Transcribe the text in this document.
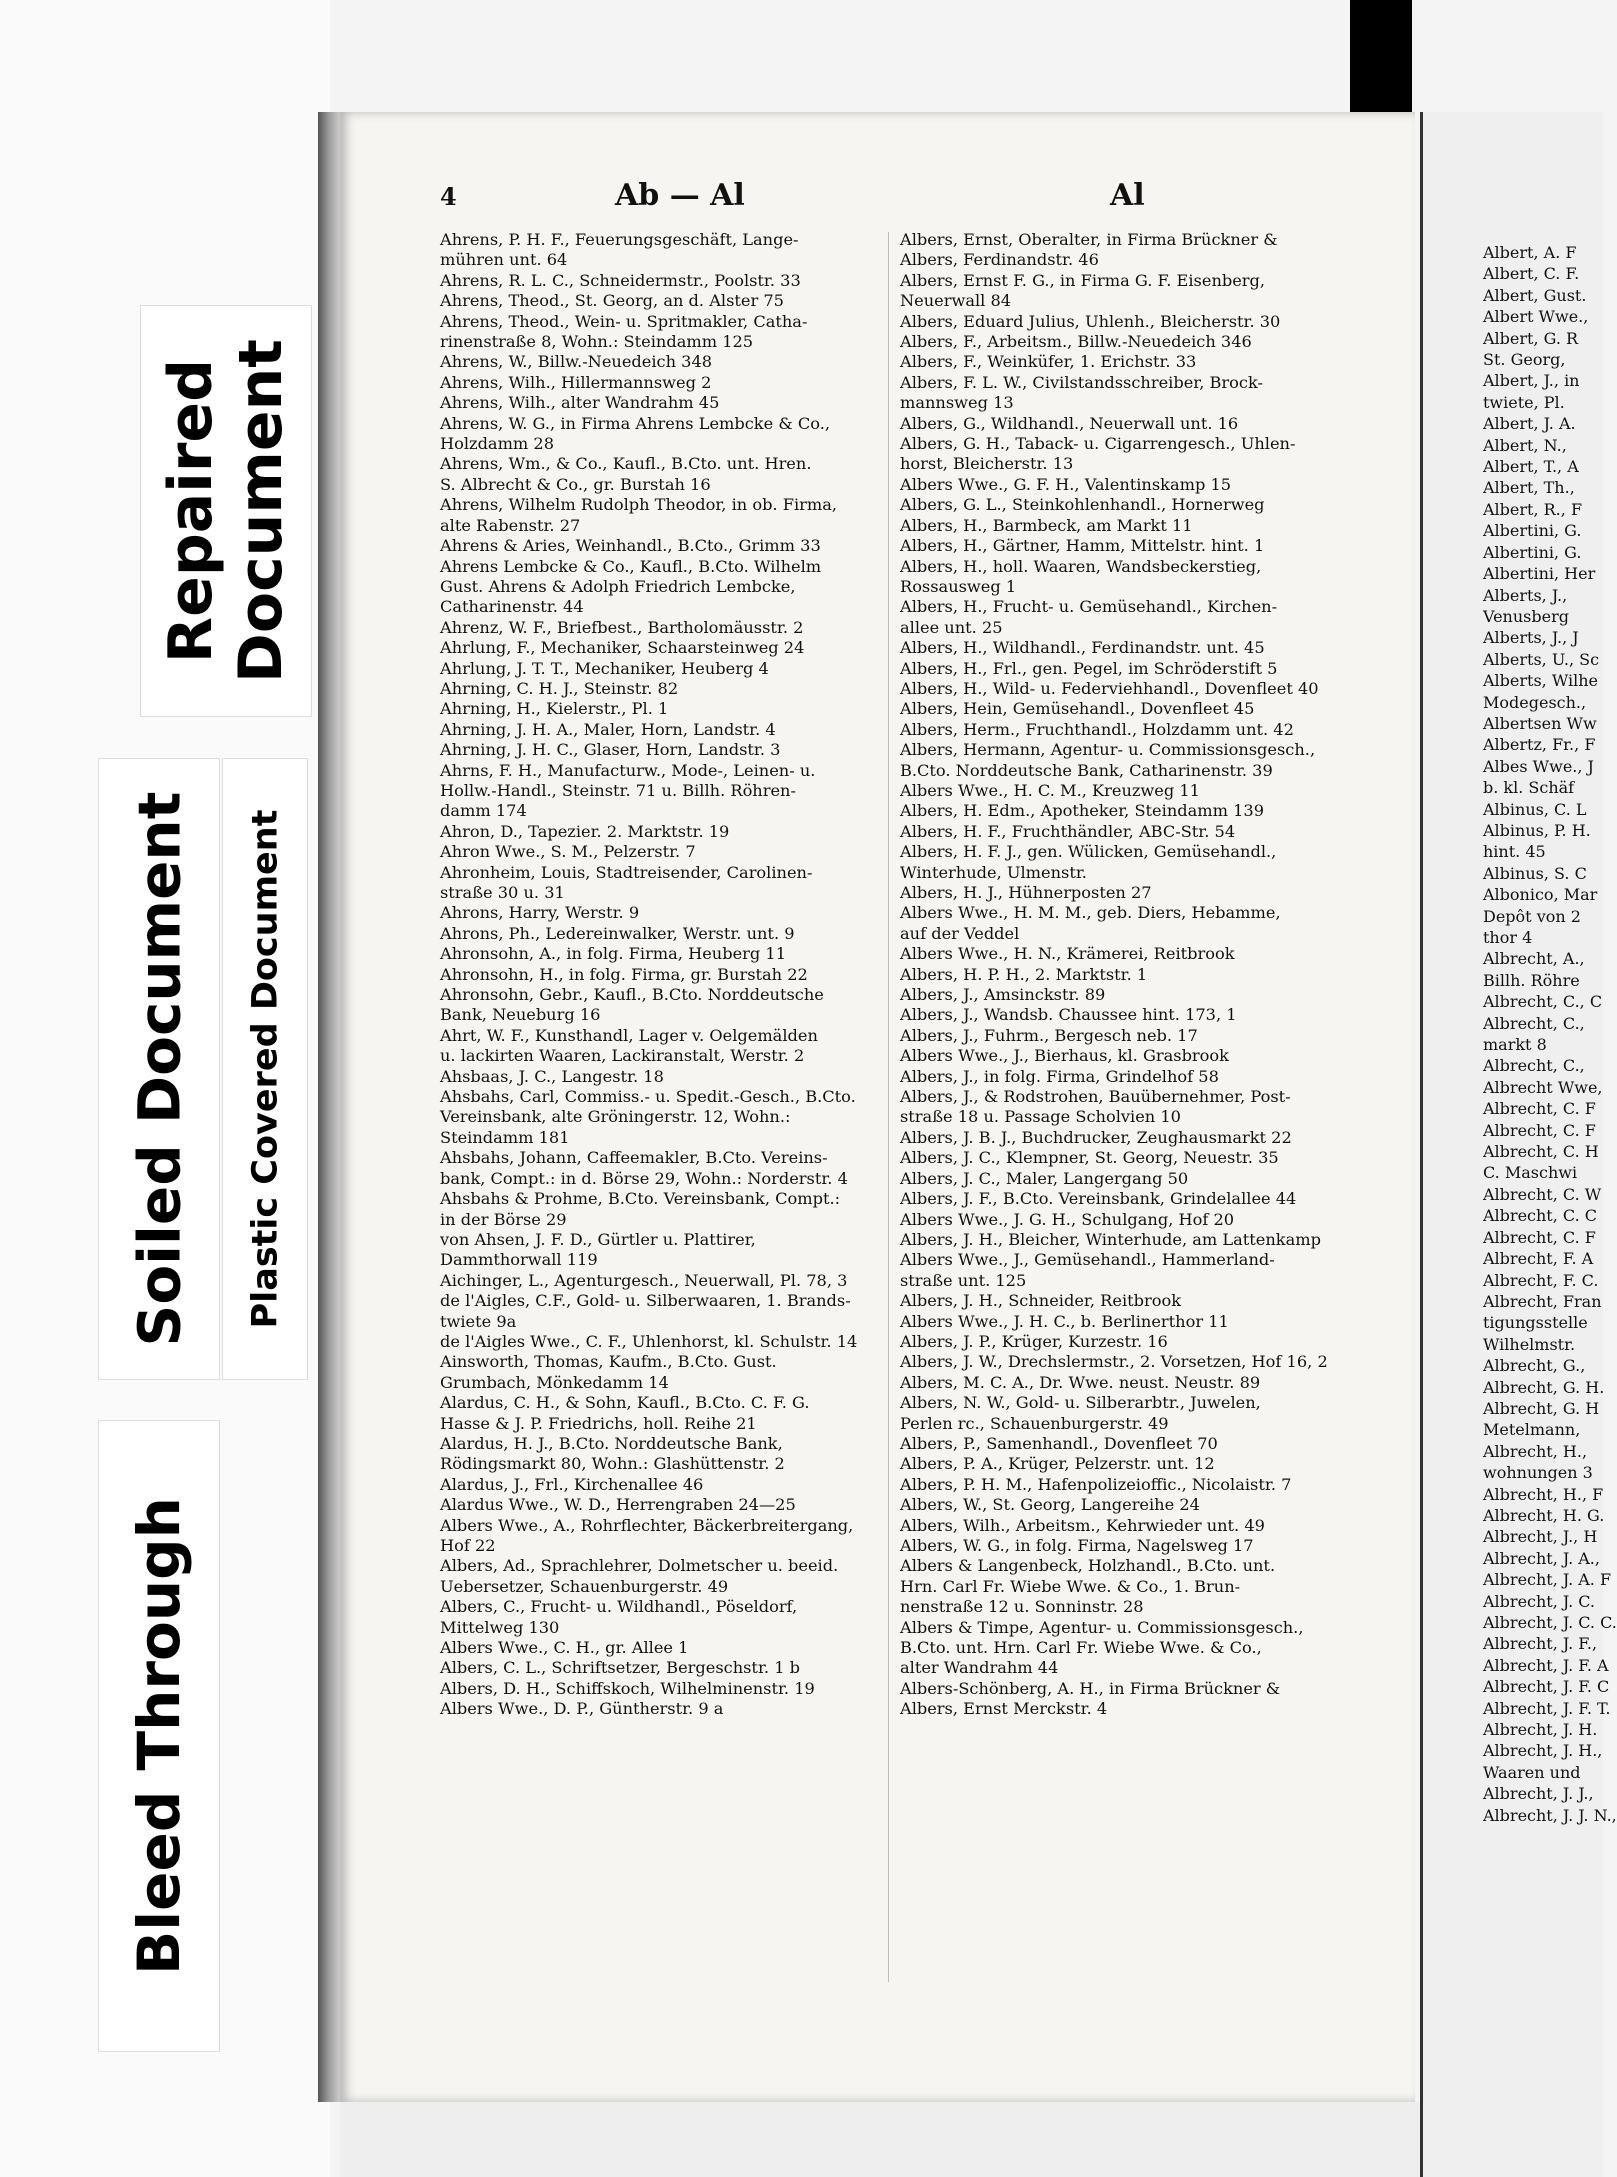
Bleed Through
Soiled Document Plastic Covered Document
Repaired Document
4	Ab — Al	Al
Ahrens, P. H. F., Feuerungsgeschäft, Lange-
mühren unt. 64
Ahrens, R. L. C., Schneidermstr., Poolstr. 33
Ahrens, Theod., St. Georg, an d. Alster 75
Ahrens, Theod., Wein- u. Spritmakler, Catha-
rinenstraße 8, Wohn.: Steindamm 125
Ahrens, W., Billw.-Neuedeich 348
Ahrens, Wilh., Hillermannsweg 2
Ahrens, Wilh., alter Wandrahm 45
Ahrens, W. G., in Firma Ahrens Lembcke & Co.,
Holzdamm 28
Ahrens, Wm., & Co., Kaufl., B.Cto. unt. Hren.
S. Albrecht & Co., gr. Burstah 16
Ahrens, Wilhelm Rudolph Theodor, in ob. Firma,
alte Rabenstr. 27
Ahrens & Aries, Weinhandl., B.Cto., Grimm 33
Ahrens Lembcke & Co., Kaufl., B.Cto. Wilhelm
Gust. Ahrens & Adolph Friedrich Lembcke,
Catharinenstr. 44
Ahrenz, W. F., Briefbest., Bartholomäusstr. 2
Ahrlung, F., Mechaniker, Schaarsteinweg 24
Ahrlung, J. T. T., Mechaniker, Heuberg 4
Ahrning, C. H. J., Steinstr. 82
Ahrning, H., Kielerstr., Pl. 1
Ahrning, J. H. A., Maler, Horn, Landstr. 4
Ahrning, J. H. C., Glaser, Horn, Landstr. 3
Ahrns, F. H., Manufacturw., Mode-, Leinen- u.
Hollw.-Handl., Steinstr. 71 u. Billh. Röhren-
damm 174
Ahron, D., Tapezier. 2. Marktstr. 19
Ahron Wwe., S. M., Pelzerstr. 7
Ahronheim, Louis, Stadtreisender, Carolinen-
straße 30 u. 31
Ahrons, Harry, Werstr. 9
Ahrons, Ph., Ledereinwalker, Werstr. unt. 9
Ahronsohn, A., in folg. Firma, Heuberg 11
Ahronsohn, H., in folg. Firma, gr. Burstah 22
Ahronsohn, Gebr., Kaufl., B.Cto. Norddeutsche
Bank, Neueburg 16
Ahrt, W. F., Kunsthandl, Lager v. Oelgemälden
u. lackirten Waaren, Lackiranstalt, Werstr. 2
Ahsbaas, J. C., Langestr. 18
Ahsbahs, Carl, Commiss.- u. Spedit.-Gesch., B.Cto.
Vereinsbank, alte Gröningerstr. 12, Wohn.:
Steindamm 181
Ahsbahs, Johann, Caffeemakler, B.Cto. Vereins-
bank, Compt.: in d. Börse 29, Wohn.: Norderstr. 4
Ahsbahs & Prohme, B.Cto. Vereinsbank, Compt.:
in der Börse 29
von Ahsen, J. F. D., Gürtler u. Plattirer,
Dammthorwall 119
Aichinger, L., Agenturgesch., Neuerwall, Pl. 78, 3
de l'Aigles, C.F., Gold- u. Silberwaaren, 1. Brands-
twiete 9a
de l'Aigles Wwe., C. F., Uhlenhorst, kl. Schulstr. 14
Ainsworth, Thomas, Kaufm., B.Cto. Gust.
Grumbach, Mönkedamm 14
Alardus, C. H., & Sohn, Kaufl., B.Cto. C. F. G.
Hasse & J. P. Friedrichs, holl. Reihe 21
Alardus, H. J., B.Cto. Norddeutsche Bank,
Rödingsmarkt 80, Wohn.: Glashüttenstr. 2
Alardus, J., Frl., Kirchenallee 46
Alardus Wwe., W. D., Herrengraben 24—25
Albers Wwe., A., Rohrflechter, Bäckerbreitergang,
Hof 22
Albers, Ad., Sprachlehrer, Dolmetscher u. beeid.
Uebersetzer, Schauenburgerstr. 49
Albers, C., Frucht- u. Wildhandl., Pöseldorf,
Mittelweg 130
Albers Wwe., C. H., gr. Allee 1
Albers, C. L., Schriftsetzer, Bergeschstr. 1 b
Albers, D. H., Schiffskoch, Wilhelminenstr. 19
Albers Wwe., D. P., Güntherstr. 9 a
Albers, Ernst, Oberalter, in Firma Brückner &
Albers, Ferdinandstr. 46
Albers, Ernst F. G., in Firma G. F. Eisenberg,
Neuerwall 84
Albers, Eduard Julius, Uhlenh., Bleicherstr. 30
Albers, F., Arbeitsm., Billw.-Neuedeich 346
Albers, F., Weinküfer, 1. Erichstr. 33
Albers, F. L. W., Civilstandsschreiber, Brock-
mannsweg 13
Albers, G., Wildhandl., Neuerwall unt. 16
Albers, G. H., Taback- u. Cigarrengesch., Uhlen-
horst, Bleicherstr. 13
Albers Wwe., G. F. H., Valentinskamp 15
Albers, G. L., Steinkohlenhandl., Hornerweg
Albers, H., Barmbeck, am Markt 11
Albers, H., Gärtner, Hamm, Mittelstr. hint. 1
Albers, H., holl. Waaren, Wandsbeckerstieg,
Rossausweg 1
Albers, H., Frucht- u. Gemüsehandl., Kirchen-
allee unt. 25
Albers, H., Wildhandl., Ferdinandstr. unt. 45
Albers, H., Frl., gen. Pegel, im Schröderstift 5
Albers, H., Wild- u. Federviehhandl., Dovenfleet 40
Albers, Hein, Gemüsehandl., Dovenfleet 45
Albers, Herm., Fruchthandl., Holzdamm unt. 42
Albers, Hermann, Agentur- u. Commissionsgesch.,
B.Cto. Norddeutsche Bank, Catharinenstr. 39
Albers Wwe., H. C. M., Kreuzweg 11
Albers, H. Edm., Apotheker, Steindamm 139
Albers, H. F., Fruchthändler, ABC-Str. 54
Albers, H. F. J., gen. Wülicken, Gemüsehandl.,
Winterhude, Ulmenstr.
Albers, H. J., Hühnerposten 27
Albers Wwe., H. M. M., geb. Diers, Hebamme,
auf der Veddel
Albers Wwe., H. N., Krämerei, Reitbrook
Albers, H. P. H., 2. Marktstr. 1
Albers, J., Amsinckstr. 89
Albers, J., Wandsb. Chaussee hint. 173, 1
Albers, J., Fuhrm., Bergesch neb. 17
Albers Wwe., J., Bierhaus, kl. Grasbrook
Albers, J., in folg. Firma, Grindelhof 58
Albers, J., & Rodstrohen, Bauübernehmer, Post-
straße 18 u. Passage Scholvien 10
Albers, J. B. J., Buchdrucker, Zeughausmarkt 22
Albers, J. C., Klempner, St. Georg, Neuestr. 35
Albers, J. C., Maler, Langergang 50
Albers, J. F., B.Cto. Vereinsbank, Grindelallee 44
Albers Wwe., J. G. H., Schulgang, Hof 20
Albers, J. H., Bleicher, Winterhude, am Lattenkamp
Albers Wwe., J., Gemüsehandl., Hammerland-
straße unt. 125
Albers, J. H., Schneider, Reitbrook
Albers Wwe., J. H. C., b. Berlinerthor 11
Albers, J. P., Krüger, Kurzestr. 16
Albers, J. W., Drechslermstr., 2. Vorsetzen, Hof 16, 2
Albers, M. C. A., Dr. Wwe. neust. Neustr. 89
Albers, N. W., Gold- u. Silberarbtr., Juwelen,
Perlen rc., Schauenburgerstr. 49
Albers, P., Samenhandl., Dovenfleet 70
Albers, P. A., Krüger, Pelzerstr. unt. 12
Albers, P. H. M., Hafenpolizeioffic., Nicolaistr. 7
Albers, W., St. Georg, Langereihe 24
Albers, Wilh., Arbeitsm., Kehrwieder unt. 49
Albers, W. G., in folg. Firma, Nagelsweg 17
Albers & Langenbeck, Holzhandl., B.Cto. unt.
Hrn. Carl Fr. Wiebe Wwe. & Co., 1. Brun-
nenstraße 12 u. Sonninstr. 28
Albers & Timpe, Agentur- u. Commissionsgesch.,
B.Cto. unt. Hrn. Carl Fr. Wiebe Wwe. & Co.,
alter Wandrahm 44
Albers-Schönberg, A. H., in Firma Brückner &
Albers, Ernst Merckstr. 4
Albert, A. F
Albert, C. F.
Albert, Gust.
Albert Wwe.,
Albert, G. R
St. Georg,
Albert, J., in
twiete, Pl.
Albert, J. A.
Albert, N.,
Albert, T., A
Albert, Th.,
Albert, R., F
Albertini, G.
Albertini, G.
Albertini, Her
Alberts, J.,
Venusberg
Alberts, J., J
Alberts, U., Sc
Alberts, Wilhe
Modegesch.,
Albertsen Ww
Albertz, Fr., F
Albes Wwe., J
b. kl. Schäf
Albinus, C. L
Albinus, P. H.
hint. 45
Albinus, S. C
Albonico, Mar
Depôt von 2
thor 4
Albrecht, A.,
Billh. Röhre
Albrecht, C., C
Albrecht, C.,
markt 8
Albrecht, C.,
Albrecht Wwe,
Albrecht, C. F
Albrecht, C. F
Albrecht, C. H
C. Maschwi
Albrecht, C. W
Albrecht, C. C
Albrecht, C. F
Albrecht, F. A
Albrecht, F. C.
Albrecht, Fran
tigungsstelle
Wilhelmstr.
Albrecht, G.,
Albrecht, G. H.
Albrecht, G. H
Metelmann,
Albrecht, H.,
wohnungen 3
Albrecht, H., F
Albrecht, H. G.
Albrecht, J., H
Albrecht, J. A.,
Albrecht, J. A. F
Albrecht, J. C.
Albrecht, J. C. C.
Albrecht, J. F.,
Albrecht, J. F. A
Albrecht, J. F. C
Albrecht, J. F. T.
Albrecht, J. H.
Albrecht, J. H.,
Waaren und
Albrecht, J. J.,
Albrecht, J. J. N.,
